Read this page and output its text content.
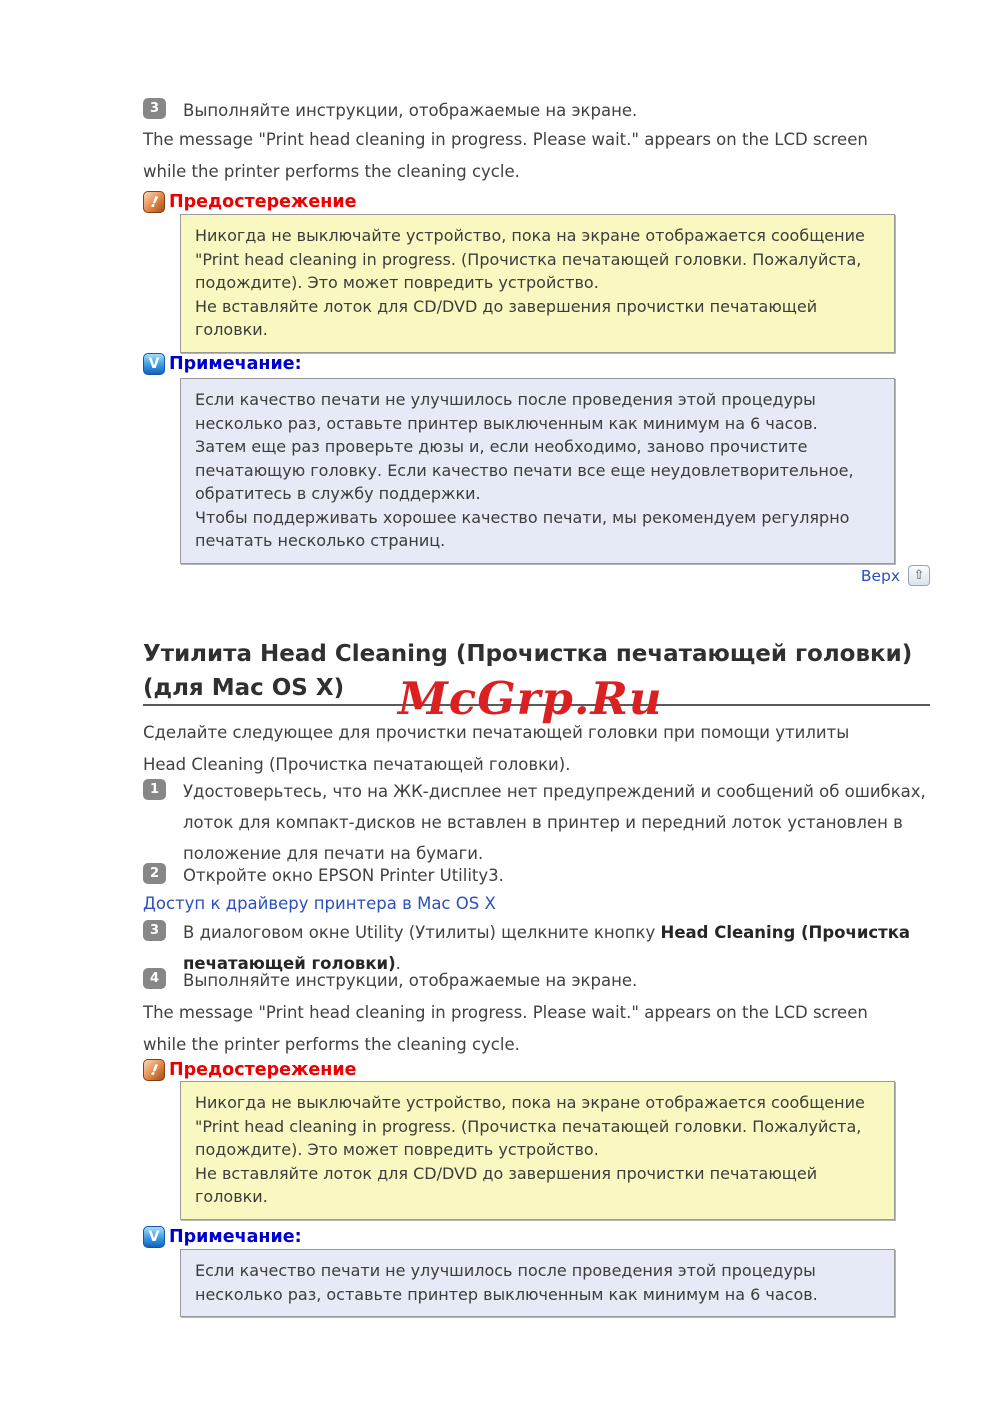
3	Выполняйте инструкции, отображаемые на экране.
The message "Print head cleaning in progress. Please wait." appears on the LCD screen while the printer performs the cleaning cycle.
! Предостережение
Никогда не выключайте устройство, пока на экране отображается сообщение "Print head cleaning in progress. (Прочистка печатающей головки. Пожалуйста, подождите). Это может повредить устройство.
Не вставляйте лоток для CD/DVD до завершения прочистки печатающей головки.
V Примечание:
Если качество печати не улучшилось после проведения этой процедуры несколько раз, оставьте принтер выключенным как минимум на 6 часов.
Затем еще раз проверьте дюзы и, если необходимо, заново прочистите печатающую головку. Если качество печати все еще неудовлетворительное, обратитесь в службу поддержки.
Чтобы поддерживать хорошее качество печати, мы рекомендуем регулярно печатать несколько страниц.
Верх	⇧
Утилита Head Cleaning (Прочистка печатающей головки) (для Mac OS X)	McGrp.Ru
Сделайте следующее для прочистки печатающей головки при помощи утилиты Head Cleaning (Прочистка печатающей головки).
1	Удостоверьтесь, что на ЖК-дисплее нет предупреждений и сообщений об ошибках, лоток для компакт-дисков не вставлен в принтер и передний лоток установлен в положение для печати на бумаги.
2	Откройте окно EPSON Printer Utility3.
Доступ к драйверу принтера в Mac OS X
3	В диалоговом окне Utility (Утилиты) щелкните кнопку Head Cleaning (Прочистка печатающей головки).
4	Выполняйте инструкции, отображаемые на экране.
The message "Print head cleaning in progress. Please wait." appears on the LCD screen while the printer performs the cleaning cycle.
! Предостережение
Никогда не выключайте устройство, пока на экране отображается сообщение "Print head cleaning in progress. (Прочистка печатающей головки. Пожалуйста, подождите). Это может повредить устройство.
Не вставляйте лоток для CD/DVD до завершения прочистки печатающей головки.
V Примечание:
Если качество печати не улучшилось после проведения этой процедуры несколько раз, оставьте принтер выключенным как минимум на 6 часов.
